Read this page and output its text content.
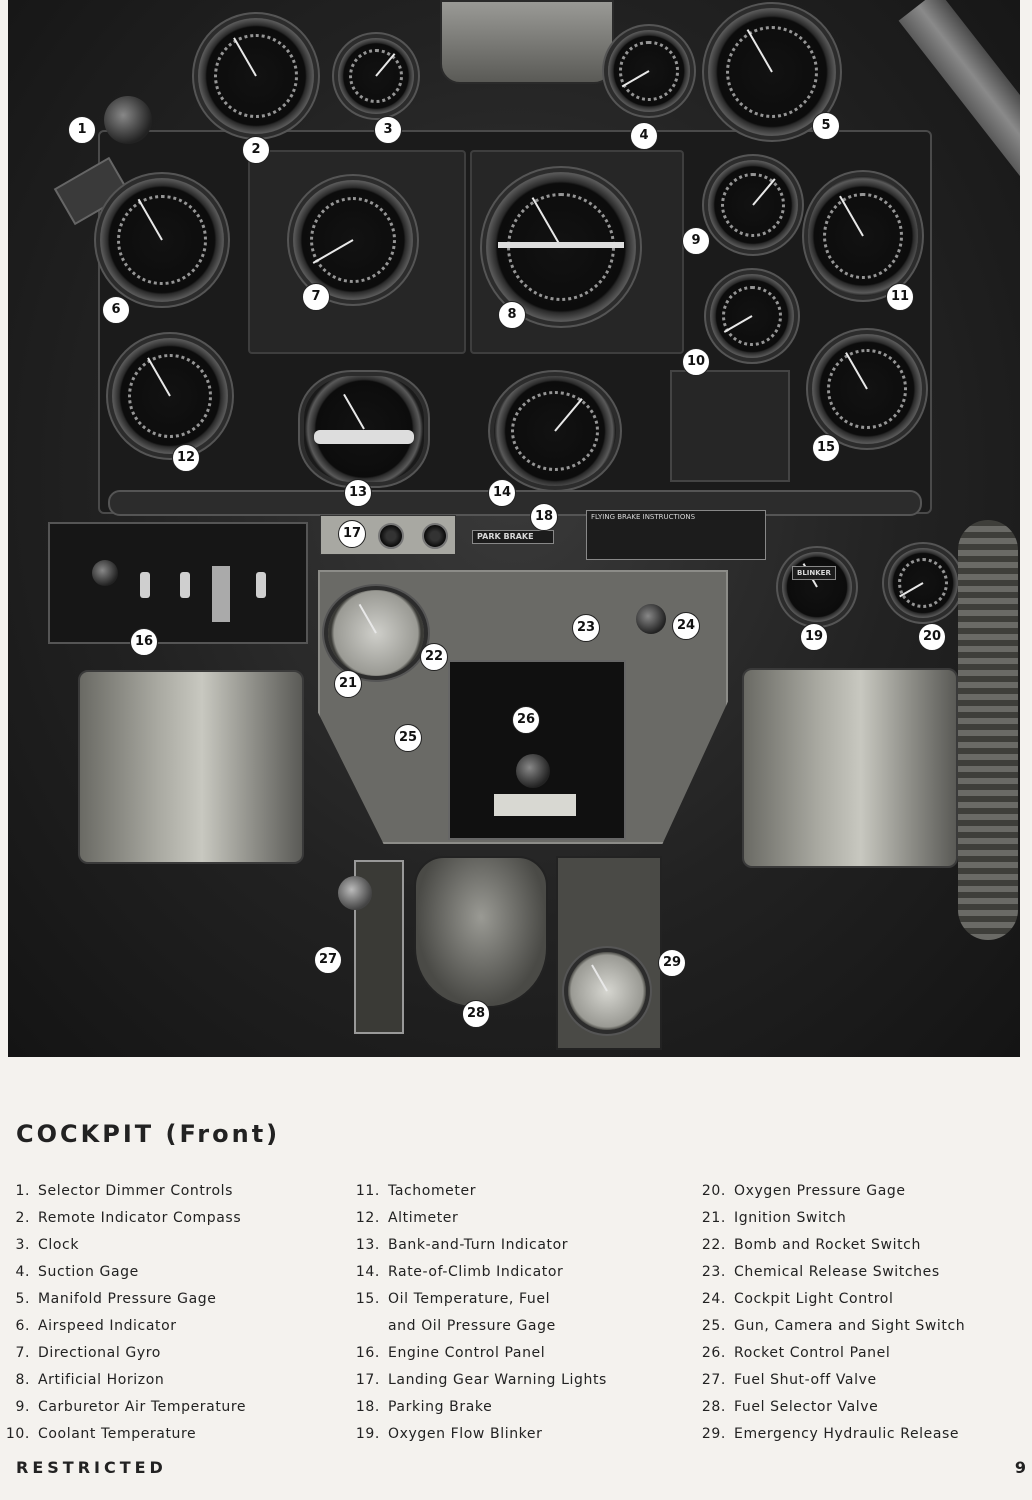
PARK BRAKE
FLYING BRAKE INSTRUCTIONS
BLINKER
1
2
3	4
5
6
7
8
9
10
11
12
13	14
15
16
17
18
19	20
21
22
23	24
25
26
27
28
29
COCKPIT (Front)
1. Selector Dimmer Controls
2. Remote Indicator Compass
3. Clock
4. Suction Gage
5. Manifold Pressure Gage
6. Airspeed Indicator
7. Directional Gyro
8. Artificial Horizon
9. Carburetor Air Temperature
10. Coolant Temperature
11. Tachometer
12. Altimeter
13. Bank-and-Turn Indicator
14. Rate-of-Climb Indicator
15. Oil Temperature, Fuel
and Oil Pressure Gage
16. Engine Control Panel
17. Landing Gear Warning Lights
18. Parking Brake
19. Oxygen Flow Blinker
20. Oxygen Pressure Gage
21. Ignition Switch
22. Bomb and Rocket Switch
23. Chemical Release Switches
24. Cockpit Light Control
25. Gun, Camera and Sight Switch
26. Rocket Control Panel
27. Fuel Shut-off Valve
28. Fuel Selector Valve
29. Emergency Hydraulic Release
RESTRICTED	9
